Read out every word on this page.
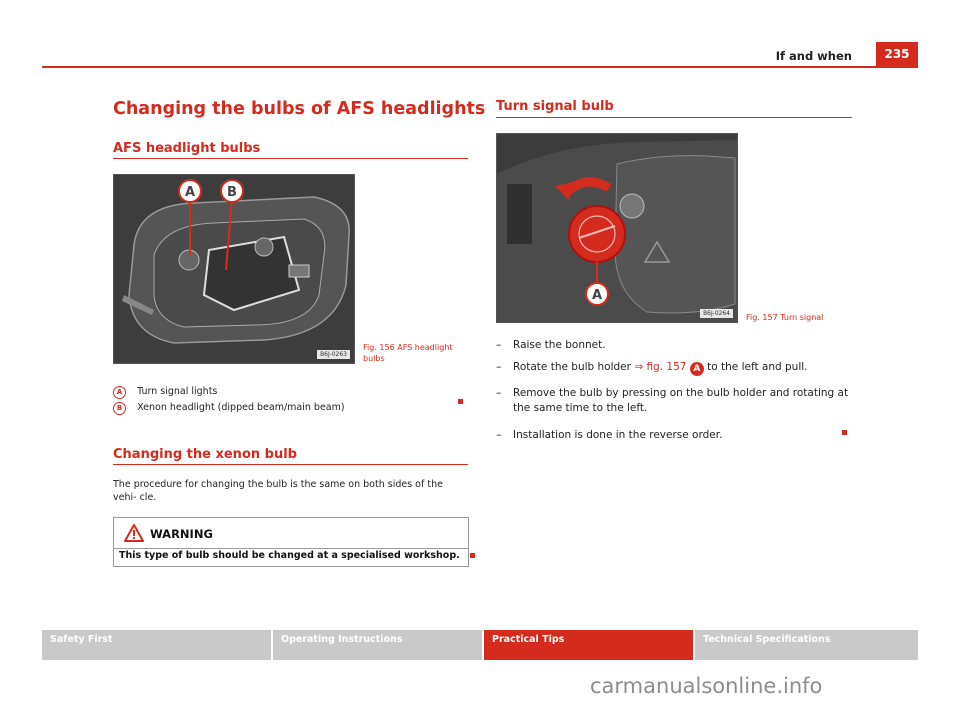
235
If and when
Changing the bulbs of AFS headlights
AFS headlight bulbs
A B
B6J-0263
Fig. 156 AFS headlight bulbs
A Turn signal lights
B Xenon headlight (dipped beam/main beam)
Changing the xenon bulb
The procedure for changing the bulb is the same on both sides of the vehi- cle.
WARNING
This type of bulb should be changed at a specialised workshop.
Turn signal bulb
A
B6J-0264	Fig. 157 Turn signal
– Raise the bonnet.
– Rotate the bulb holder ⇒ fig. 157 A to the left and pull.
– Remove the bulb by pressing on the bulb holder and rotating at the same time to the left.
– Installation is done in the reverse order.
Safety First	Operating Instructions	Practical Tips	Technical Specifications
carmanualsonline.info
